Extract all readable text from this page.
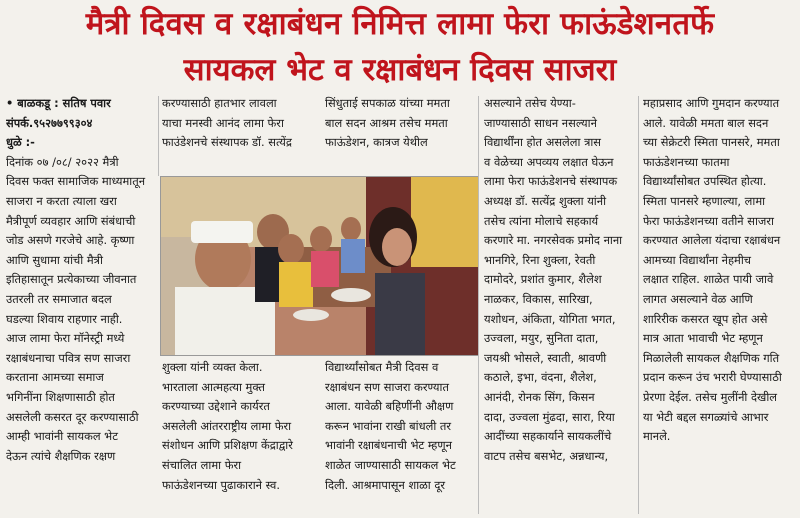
मैत्री दिवस व रक्षाबंधन निमित्त लामा फेरा फाऊंडेशनतर्फे
सायकल भेट व रक्षाबंधन दिवस साजरा
• बाळकडू : सतिष पवार
संपर्क.९५२७७९९३०४
धुळे :-
दिनांक ०७ /०८/ २०२२ मैत्री
दिवस फक्त सामाजिक माध्यमातून
साजरा न करता त्याला खरा
मैत्रीपूर्ण व्यवहार आणि संबंधाची
जोड असणे गरजेचे आहे. कृष्णा
आणि सुधामा यांची मैत्री
इतिहासातून प्रत्येकाच्या जीवनात
उतरली तर समाजात बदल
घडल्या शिवाय राहणार नाही.
आज लामा फेरा मॉनेस्ट्री मध्ये
रक्षाबंधनाचा पवित्र सण साजरा
करताना आमच्या समाज
भगिनींना शिक्षणासाठी होत
असलेली कसरत दूर करण्यासाठी
आम्ही भावांनी सायकल भेट
देऊन त्यांचे शैक्षणिक रक्षण
करण्यासाठी हातभार लावला
याचा मनस्वी आनंद लामा फेरा
फाउंडेशनचे संस्थापक डॉ. सत्येंद्र
सिंधुताई सपकाळ यांच्या ममता
बाल सदन आश्रम तसेच ममता
फाऊंडेशन, कात्रज येथील
शुक्ला यांनी व्यक्त केला.
भारताला आत्महत्या मुक्त
करण्याच्या उद्देशाने कार्यरत
असलेली आंतरराष्ट्रीय लामा फेरा
संशोधन आणि प्रशिक्षण केंद्राद्वारे
संचालित लामा फेरा
फाऊंडेशनच्या पुढाकाराने स्व.
विद्यार्थ्यांसोबत मैत्री दिवस व
रक्षाबंधन सण साजरा करण्यात
आला. यावेळी बहिणींनी औक्षण
करून भावांना राखी बांधली तर
भावांनी रक्षाबंधनाची भेट म्हणून
शाळेत जाण्यासाठी सायकल भेट
दिली. आश्रमापासून शाळा दूर
असल्याने तसेच येण्या-
जाण्यासाठी साधन नसल्याने
विद्यार्थींना होत असलेला त्रास
व वेळेच्या अपव्यय लक्षात घेऊन
लामा फेरा फाऊंडेशनचे संस्थापक
अध्यक्ष डॉ. सत्येंद्र शुक्ला यांनी
तसेच त्यांना मोलाचे सहकार्य
करणारे मा. नगरसेवक प्रमोद नाना
भानगिरे, रिना शुक्ला, रेवती
दामोदरे, प्रशांत कुमार, शैलेश
नाळकर, विकास, सारिखा,
यशोधन, अंकिता, योगिता भगत,
उज्वला, मयुर, सुनिता दाता,
जयश्री भोसले, स्वाती, श्रावणी
कठाले, इभा, वंदना, शैलेश,
आनंदी, रोनक सिंग, किसन
दादा, उज्वला मुंढदा, सारा, रिया
आदींच्या सहकार्याने सायकलींचे
वाटप तसेच बसभेट, अन्नधान्य,
महाप्रसाद आणि गुमदान करण्यात
आले. यावेळी ममता बाल सदन
च्या सेक्रेटरी स्मिता पानसरे, ममता
फाऊंडेशनच्या फातमा
विद्यार्थ्यांसोबत उपस्थित होत्या.
स्मिता पानसरे म्हणाल्या, लामा
फेरा फाऊंडेशनच्या वतीने साजरा
करण्यात आलेला यंदाचा रक्षाबंधन
आमच्या विद्यार्थांना नेहमीच
लक्षात राहिल. शाळेत पायी जावे
लागत असल्याने वेळ आणि
शारिरीक कसरत खूप होत असे
मात्र आता भावाची भेट म्हणून
मिळालेली सायकल शैक्षणिक गति
प्रदान करून उंच भरारी घेण्यासाठी
प्रेरणा देईल. तसेच मुलींनी देखील
या भेटी बद्दल सगळ्यांचे आभार
मानले.
